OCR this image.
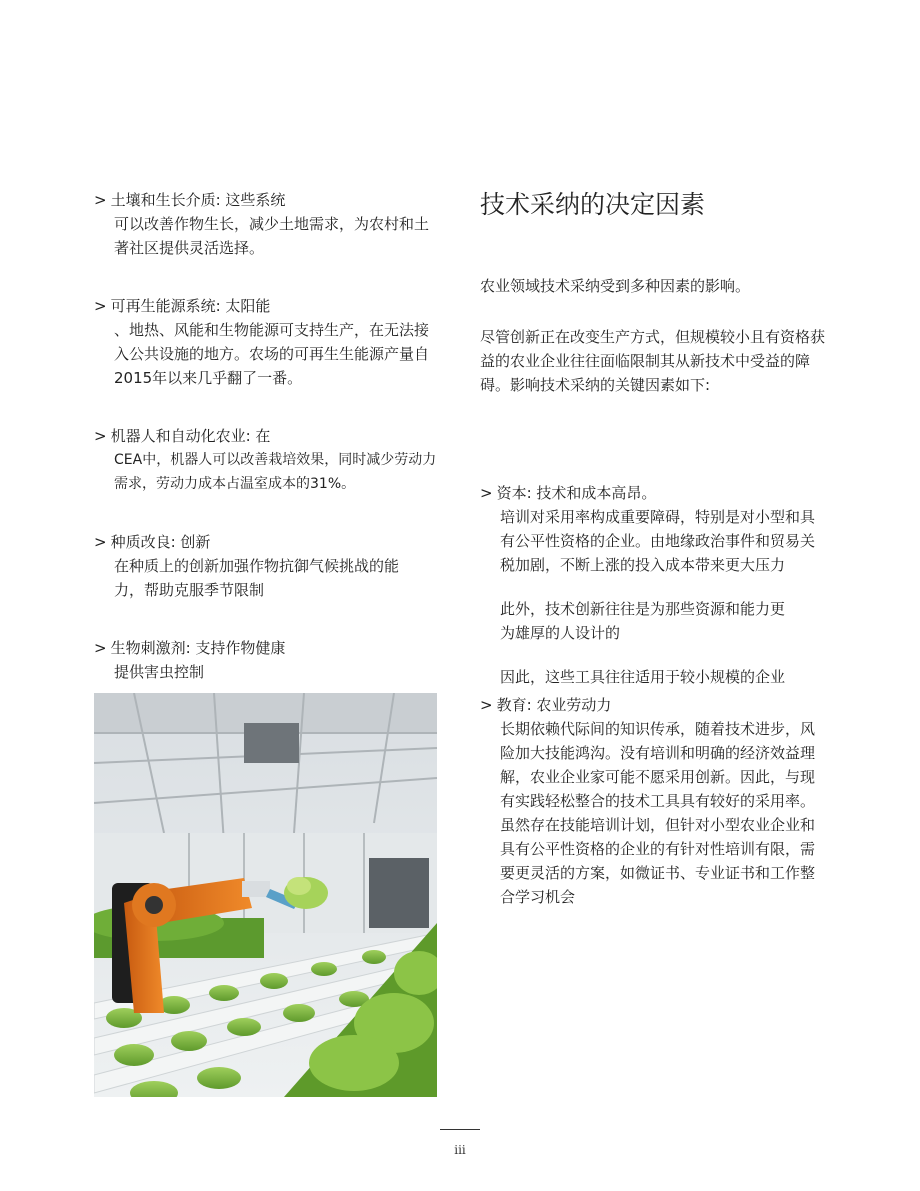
> 土壤和生长介质: 这些系统
可以改善作物生长，减少土地需求，为农村和土著社区提供灵活选择。
> 可再生能源系统: 太阳能
、地热、风能和生物能源可支持生产，在无法接入公共设施的地方。农场的可再生生能源产量自2015年以来几乎翻了一番。
> 机器人和自动化农业: 在
CEA中，机器人可以改善栽培效果，同时减少劳动力需求，劳动力成本占温室成本的31%。
> 种质改良: 创新
在种质上的创新加强作物抗御气候挑战的能力，帮助克服季节限制
> 生物刺激剂: 支持作物健康
提供害虫控制
技术采纳的决定因素

农业领域技术采纳受到多种因素的影响。

尽管创新正在改变生产方式，但规模较小且有资格获益的农业企业往往面临限制其从新技术中受益的障碍。影响技术采纳的关键因素如下:

> 资本: 技术和成本高昂。
培训对采用率构成重要障碍，特别是对小型和具有公平性资格的企业。由地缘政治事件和贸易关税加剧，不断上涨的投入成本带来更大压力
此外，技术创新往往是为那些资源和能力更为雄厚的人设计的
因此，这些工具往往适用于较小规模的企业
> 教育: 农业劳动力
长期依赖代际间的知识传承，随着技术进步，风险加大技能鸿沟。没有培训和明确的经济效益理解，农业企业家可能不愿采用创新。因此，与现有实践轻松整合的技术工具具有较好的采用率。虽然存在技能培训计划，但针对小型农业企业和具有公平性资格的企业的有针对性培训有限，需要更灵活的方案，如微证书、专业证书和工作整合学习机会
iii
